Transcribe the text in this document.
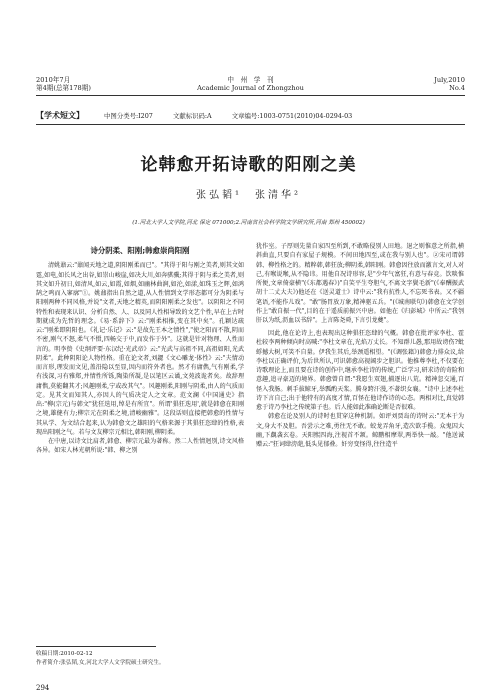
2010年7月
第4期(总第178期)
中　州　学　刊
Academic Journal of Zhongzhou
July,2010
No.4
【学术短文】	中图分类号:I207	文献标识码:A	文章编号:1003-0751(2010)04-0294-03
论韩愈开拓诗歌的阳刚之美
张弘韬¹　张清华²
(1.河北大学人文学院,河北 保定 071000;2.河南省社会科学院文学研究所,河南 郑州 450002)

诗分阴柔、阳刚;韩愈崇尚阳刚

清姚鼐云:"鼐闻天地之道,阴阳刚柔而已"。"其得于阳与刚之美者,则其文如霆,如电,如长风之出谷,如崇山峻崖,如决大川,如奔骐骥;其得于阴与柔之美者,则其文如升初日,如清风,如云,如霞,如烟,如幽林曲涧,如沦,如漾,如珠玉之辉,如鸿鹄之鸣而入寥廓"①。姚鼐指出自然之道,从人性情到文学形态都可分为阴柔与阳刚两种不同风格,并说"文者,天地之精英,而阴阳刚柔之发也"。以阴阳之不同特性和表现来认识、分析自然、人、以及同人性相导致的文艺个性,早在上古时期就成为先哲的理念。《易·系辞下》云:"刚柔相推,变在其中矣"。孔颖达疏云:"刚柔即阴阳也。《礼记·乐记》云:"是故先王本之情性","使之阳而不散,阴而不密,刚气不怒,柔气不慑,四畅交于中,而发作于外"。这就是针对物理、人性而言的。明李贽《史纲评要·东汉纪·光武帝》云:"光武与高祖不同,高祖如阳,光武阴柔"。此种阴阳论人物性格。重在论文者,刘勰《文心雕龙·体性》云:"夫情动而言形,理发而文见,盖沿隐以至显,因内而符外者也。然才有庸儁,气有刚柔,学有浅深,习有雅郑,并情性所铄,陶染所凝,是以笔区云谲,文苑波诡者矣。故辞理庸儁,莫能翻其才;风趣刚柔,宁或改其气"。风趣刚柔,阳刚与阴柔,由人的气质而定。见其文而知其人,亦因人的气质决定人之文章。范文澜《中国通史》指出:"柳(宗元)与韩文"犹狂迭用,绰是有所宜"。所谓'猖狂迭用',就是韩愈在阳刚之境,雄健有力;柳宗元在阴柔之境,清峻幽雅"。这段话则直接把韩愈的性情与其从学、为文结合起来,认为韩愈文之雄阳的气格来源于其猖狂恣肆的性格,表现出阳刚之气。若与文友柳宗元相比,韩阳刚,柳阴柔。

在中唐,以诗文比肩者,韩愈、柳宗元最为著称。然二人性情迥别,诗文风格各异。如宋人林光朝所说:"韩、柳之别

犹作室。子厚则先量自家四至所到,不敢略侵别人田地。退之则惟意之所指,横斜曲直,只要自有家屋子规模。不间田地四至,或在我与别人也"。②宋司谓韩韩、柳性格之的。精粹韩,韩狂放;柳阴柔,韩阳刚。韩愈因往放而激言文,对人对己,有喉说喉,从不隐讳。用他自况诗形容,是"少年气富狂,有意与春竞。饮啖惟所便,文章倚豪横"(《东都遇春》)"自笑平生夸胆气,不离文字鬓毛新"(《奉酬振武胡十二丈大夫》)他还在《送灵道士》诗中云:"我有抗性人,不忘死书表。又不疆笔语,不能作儿戏"。"敢"肠胃放万象,精神驱五兵。"(《城南联句》)韩愈在文学创作上"敢自振一代",目的在于遥质前振兴中唐。如他在《归彭城》中所云:"我刳肝以为纸,沥血以书辞"。上言陈尧舜,下言引龙夔"。

因此,他在论诗上,也表现出这种猖狂恣肆的气概。韩愈在批评家李杜、霍杜较李两种倾向时高喊:"李杜文章在,光焰万丈长。不知群儿愚,那用故谤伤?蚍蜉撼大树,可笑不自量。伊我生其后,举颈遥相望。"(《调张籍》)韩愈力排众议,给李杜以正确评价,为后世所认,可识韩愈高视阔步之胆识。他推尊李杜,不仅要在诗歌理论上,而且要在诗的创作中,继承李杜诗的传统,广泛学习,研求诗的奇险和意趣,追寻豪迈的境界。韩愈曾自谓:"我愿生双翅,捕逐出八荒。精神忽交通,百怪入我肠。刺手拔鲸牙,举瓢酌天浆。腾身跨汗漫,不著织女襄。"诗中上述李杜诗下言自己;出于他特有的高度才情,百怪在他诗作诗的心态。两相对比,真觉韩愈于诗乃李杜之传统第子也。后人能如此准确论断是否很难。

韩愈在论及别人的诗时也贯穿这种机制。如评刘贾岛的诗时云:"无本于为文,身大不及胆。吾尝示之难,勇往无不敢。蛟龙弄角牙,造次欲手揽。众鬼囚大幽,下覰袭玄卷。天阳熙四海,注视首不颔。鲸鹏相摩翠,两举快一敲。"他送诚赠云:"狂词肆滂葩,低头见郁叠。奸穷变怪得,往往造平

收稿日期:2010-02-12
作者简介:张弘韬,女,河北大学人文学院硕士研究生。
294
